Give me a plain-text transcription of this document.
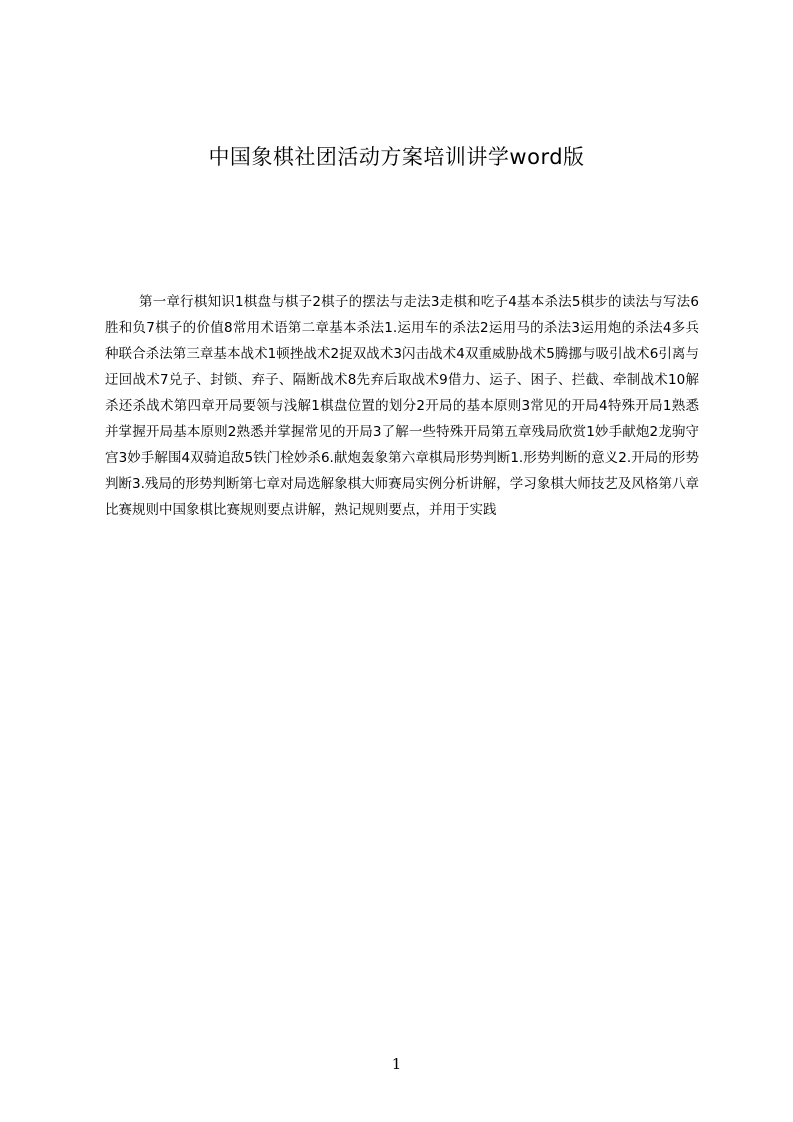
中国象棋社团活动方案培训讲学word版
第一章行棋知识1棋盘与棋子2棋子的摆法与走法3走棋和吃子4基本杀法5棋步的读法与写法6胜和负7棋子的价值8常用术语第二章基本杀法1.运用车的杀法2运用马的杀法3运用炮的杀法4多兵种联合杀法第三章基本战术1顿挫战术2捉双战术3闪击战术4双重威胁战术5腾挪与吸引战术6引离与迂回战术7兑子、封锁、弃子、隔断战术8先弃后取战术9借力、运子、困子、拦截、牵制战术10解杀还杀战术第四章开局要领与浅解1棋盘位置的划分2开局的基本原则3常见的开局4特殊开局1熟悉并掌握开局基本原则2熟悉并掌握常见的开局3了解一些特殊开局第五章残局欣赏1妙手献炮2龙驹守宫3妙手解围4双骑追敌5铁门栓妙杀6.献炮轰象第六章棋局形势判断1.形势判断的意义2.开局的形势判断3.残局的形势判断第七章对局选解象棋大师赛局实例分析讲解，学习象棋大师技艺及风格第八章比赛规则中国象棋比赛规则要点讲解，熟记规则要点，并用于实践
1
